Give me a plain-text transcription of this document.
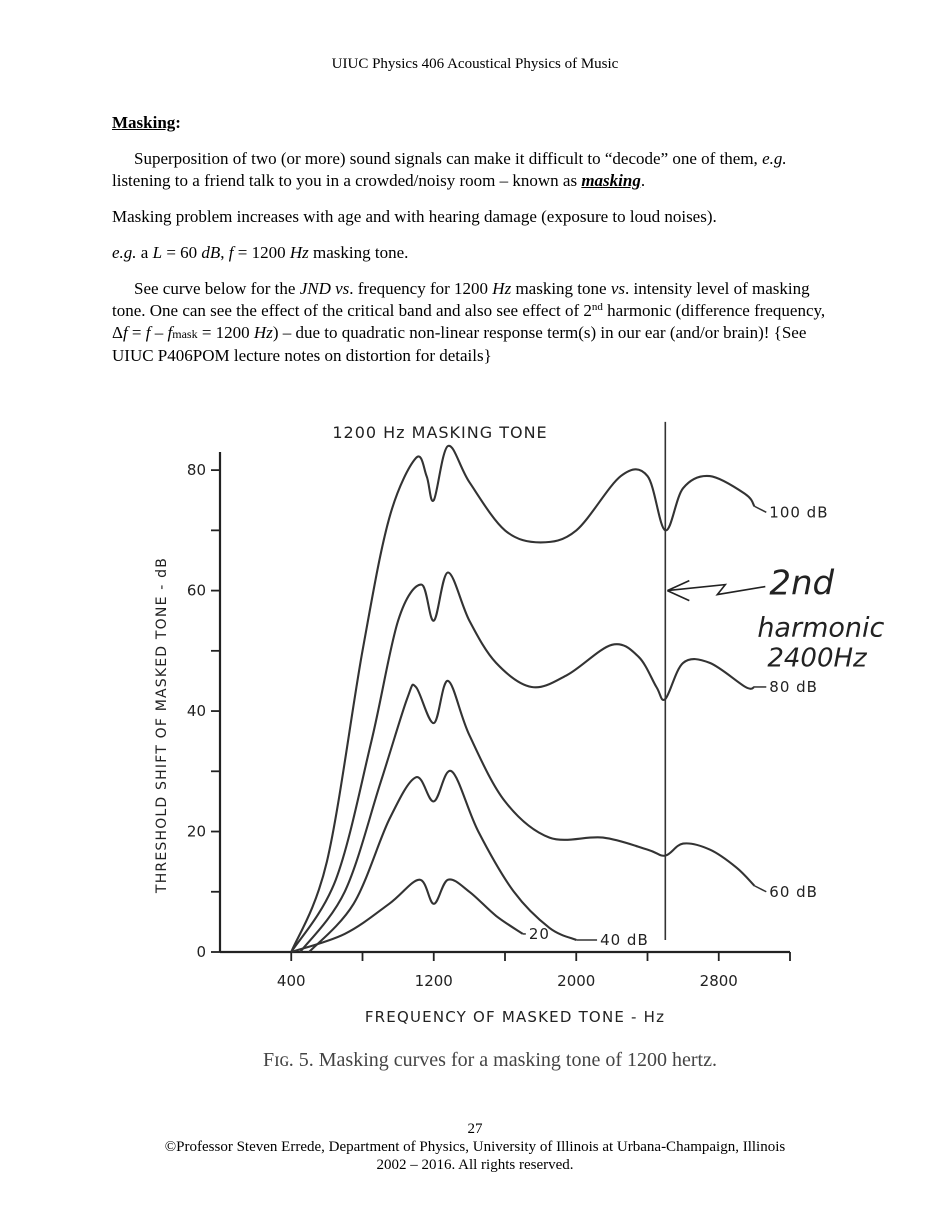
UIUC Physics 406 Acoustical Physics of Music

Masking:

Superposition of two (or more) sound signals can make it difficult to “decode” one of them, e.g. listening to a friend talk to you in a crowded/noisy room – known as masking.

Masking problem increases with age and with hearing damage (exposure to loud noises).

e.g. a L = 60 dB, f = 1200 Hz masking tone.

See curve below for the JND vs. frequency for 1200 Hz masking tone vs. intensity level of masking tone. One can see the effect of the critical band and also see effect of 2nd harmonic (difference frequency, Δf = f – fmask = 1200 Hz) – due to quadratic non-linear response term(s) in our ear (and/or brain)! {See UIUC P406POM lecture notes on distortion for details}

400	1200	2000	2800
0
20
40
60
80
20	40 dB
60 dB
80 dB
100 dB
2nd
harmonic
2400Hz
1200 Hz MASKING TONE
FREQUENCY OF MASKED TONE - Hz
THRESHOLD SHIFT OF MASKED TONE - dB
Fɪɢ. 5. Masking curves for a masking tone of 1200 hertz.
27
©Professor Steven Errede, Department of Physics, University of Illinois at Urbana-Champaign, Illinois
2002 – 2016. All rights reserved.
